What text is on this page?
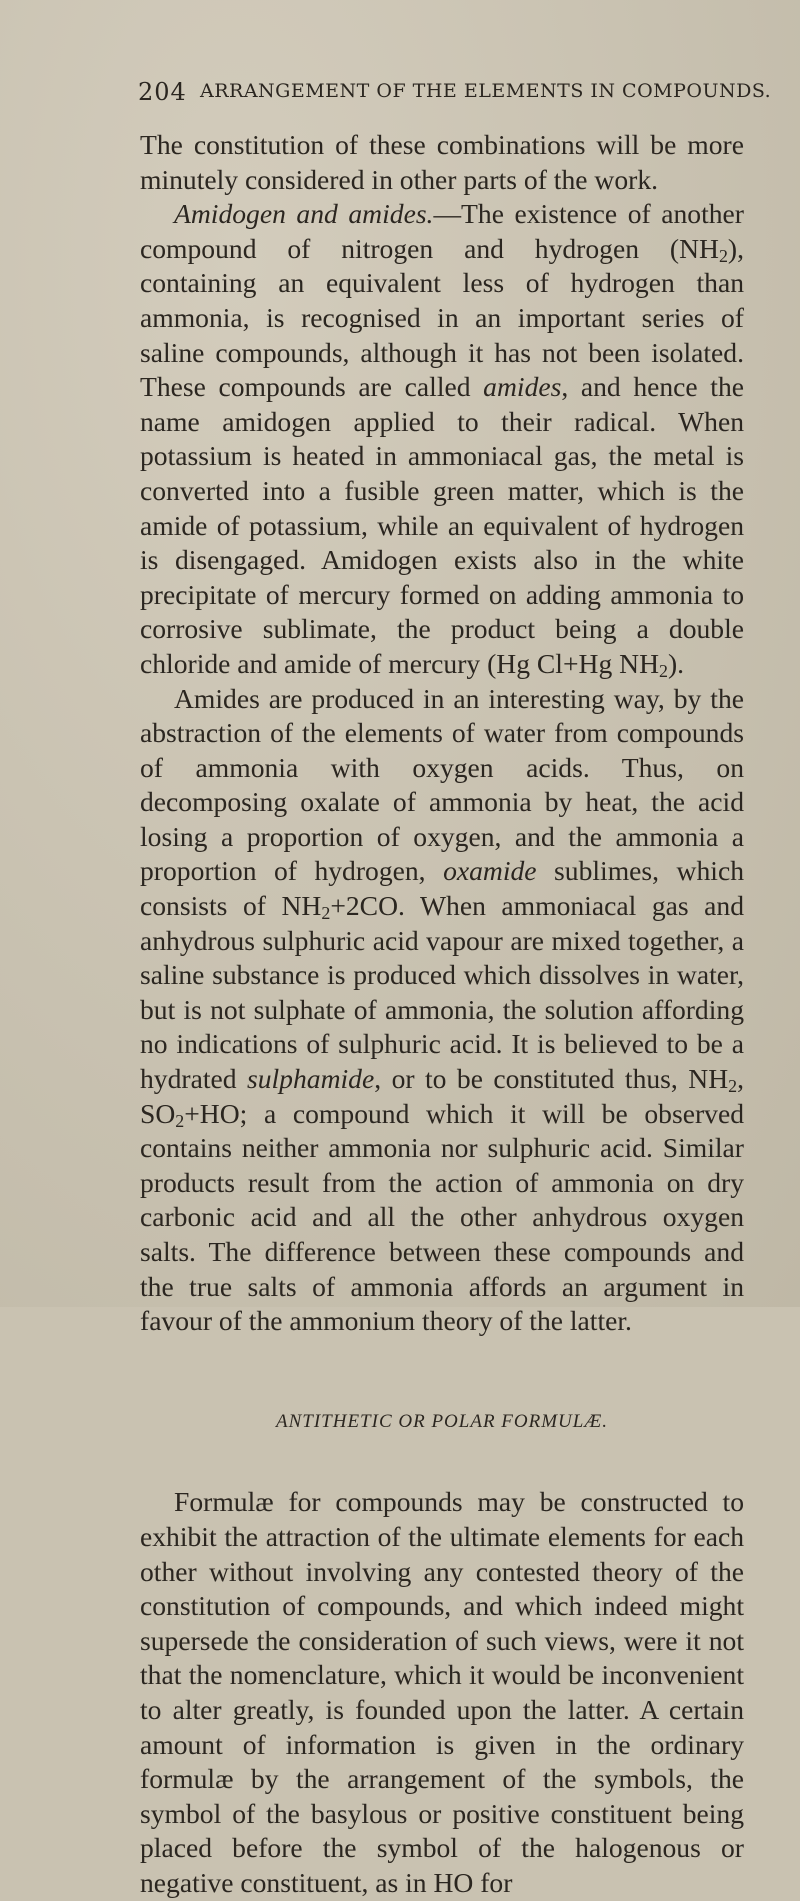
204 ARRANGEMENT OF THE ELEMENTS IN COMPOUNDS.

The constitution of these combinations will be more minutely considered in other parts of the work.

Amidogen and amides.—The existence of another compound of nitrogen and hydrogen $(NH_2)$, containing an equivalent less of hydrogen than ammonia, is recognised in an important series of saline compounds, although it has not been isolated. These compounds are called amides, and hence the name amidogen applied to their radical. When potassium is heated in ammoniacal gas, the metal is converted into a fusible green matter, which is the amide of potassium, while an equivalent of hydrogen is disengaged. Amidogen exists also in the white precipitate of mercury formed on adding ammonia to corrosive sublimate, the product being a double chloride and amide of mercury (Hg Cl+Hg $NH_2$).

Amides are produced in an interesting way, by the abstraction of the elements of water from compounds of ammonia with oxygen acids. Thus, on decomposing oxalate of ammonia by heat, the acid losing a proportion of oxygen, and the ammonia a proportion of hydrogen, oxamide sublimes, which consists of $NH_2+2CO$. When ammoniacal gas and anhydrous sulphuric acid vapour are mixed together, a saline substance is produced which dissolves in water, but is not sulphate of ammonia, the solution affording no indications of sulphuric acid. It is believed to be a hydrated sulphamide, or to be constituted thus, $NH_2$, $SO_2+HO$; a compound which it will be observed contains neither ammonia nor sulphuric acid. Similar products result from the action of ammonia on dry carbonic acid and all the other anhydrous oxygen salts. The difference between these compounds and the true salts of ammonia affords an argument in favour of the ammonium theory of the latter.

ANTITHETIC OR POLAR FORMULÆ.

Formulæ for compounds may be constructed to exhibit the attraction of the ultimate elements for each other without involving any contested theory of the constitution of compounds, and which indeed might supersede the consideration of such views, were it not that the nomenclature, which it would be inconvenient to alter greatly, is founded upon the latter. A certain amount of information is given in the ordinary formulæ by the arrangement of the symbols, the symbol of the basylous or positive constituent being placed before the symbol of the halogenous or negative constituent, as in HO for
